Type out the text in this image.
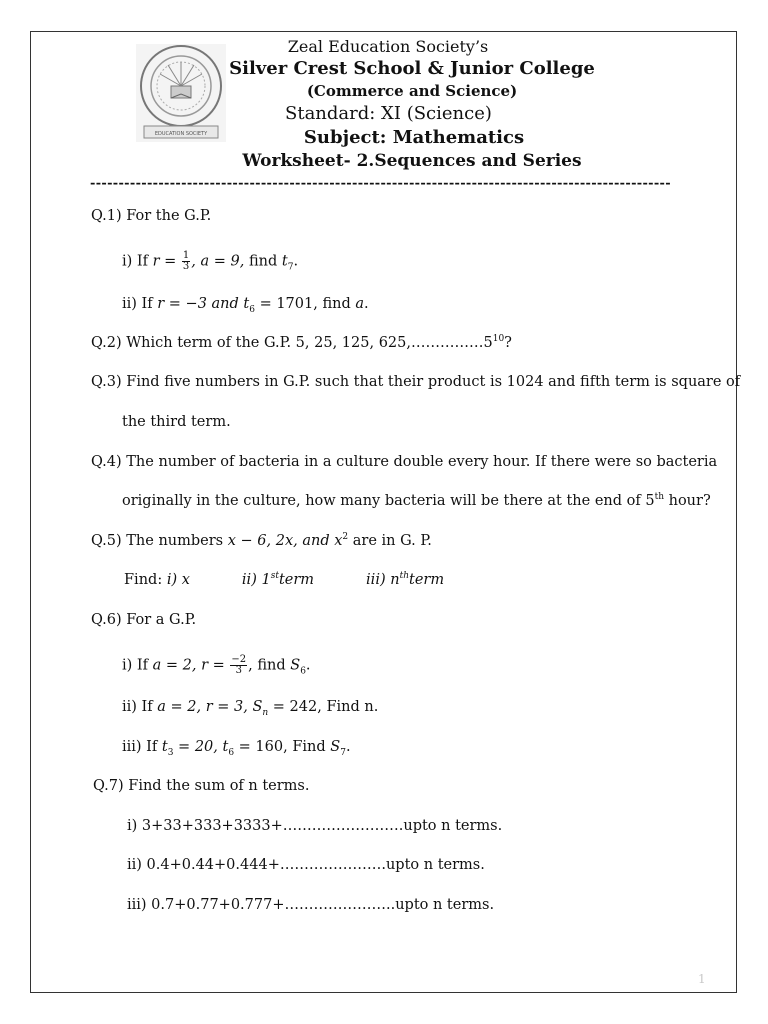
EDUCATION SOCIETY
Zeal Education Society’s
Silver Crest School & Junior College
(Commerce and Science)
Standard: XI (Science)
Subject: Mathematics
Worksheet- 2.Sequences and Series
------------------------------------------------------------------------------------------------------
Q.1) For the G.P.
i) If $r = \frac{1}{3}$ , a = 9, find $t_7$.
ii) If r = −3 and $t_6 = 1701$, find a.
Q.2) Which term of the G.P. 5, 25, 125, $625,\dots\dots\dots\dots\dots 5^{10}$?
Q.3) Find five numbers in G.P. such that their product is 1024 and fifth term is square of
the third term.
Q.4) The number of bacteria in a culture double every hour. If there were so bacteria
originally in the culture, how many bacteria will be there at the end of 5th hour?
Q.5) The numbers x − 6, 2x, and $x^2$ are in G. P.
Find: i) x	ii) 1stterm	iii) $n^{th}term$
Q.6) For a G.P.
i) If a = 2, $r = \frac{-2}{3}$ , find $S_6$.
ii) If a = 2, r = 3, $S_n = 242$, Find n.
iii) If $t_3 = 20$, $t_6 = 160$, Find $S_7$.
Q.7) Find the sum of n terms.
i) 3+33+333+3333+…………………….upto n terms.
ii) 0.4+0.44+0.444+………………….upto n terms.
iii) 0.7+0.77+0.777+…………………..upto n terms.
1
